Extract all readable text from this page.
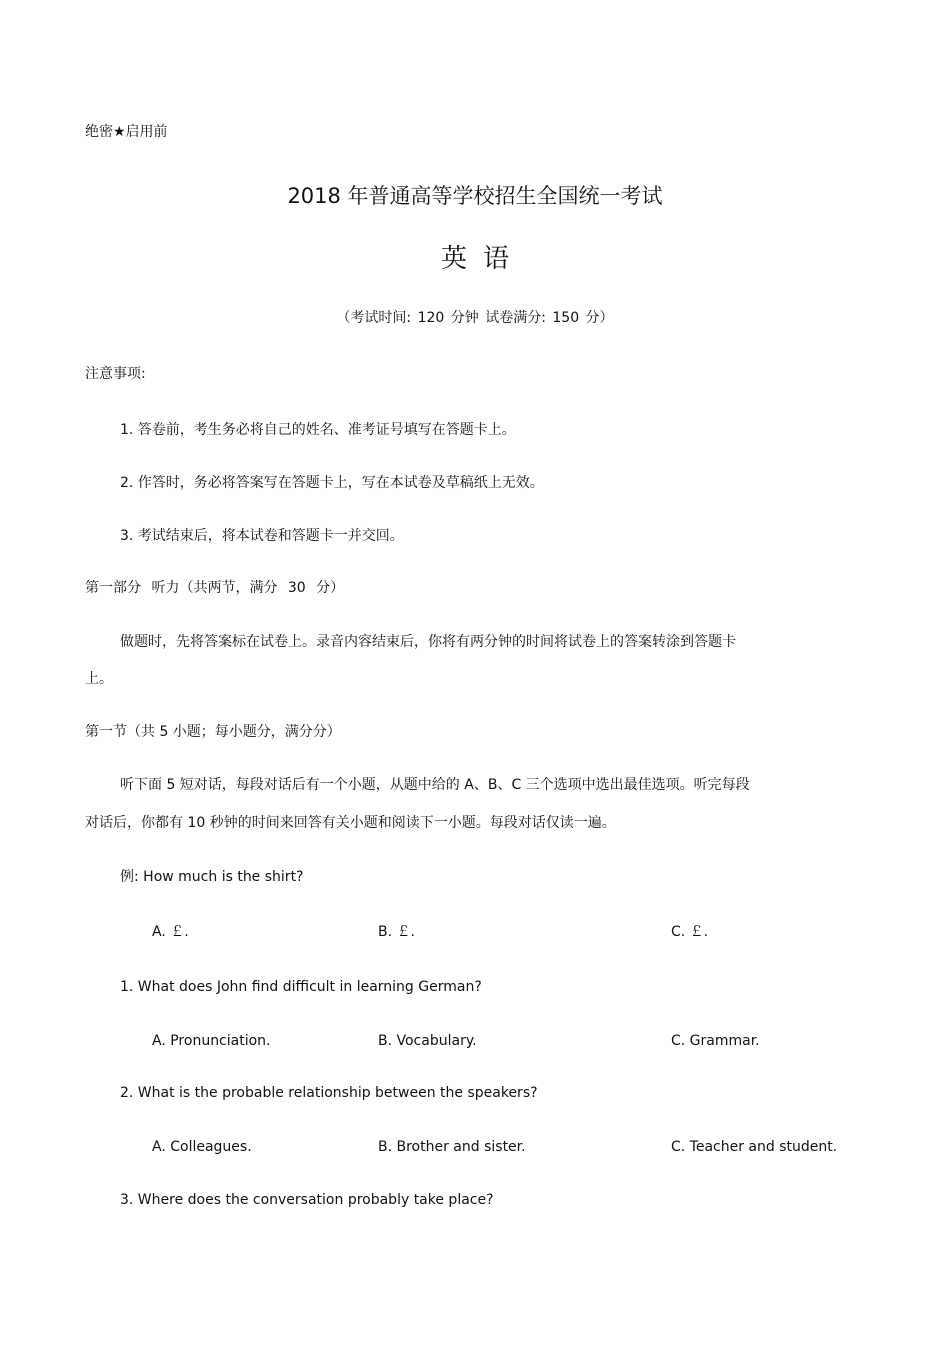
绝密★启用前
2018 年普通高等学校招生全国统一考试
英语
（考试时间: 120 分钟 试卷满分: 150 分）
注意事项:
1. 答卷前，考生务必将自己的姓名、准考证号填写在答题卡上。
2. 作答时，务必将答案写在答题卡上，写在本试卷及草稿纸上无效。
3. 考试结束后，将本试卷和答题卡一并交回。
第一部分 听力（共两节，满分 30 分）
做题时，先将答案标在试卷上。录音内容结束后，你将有两分钟的时间将试卷上的答案转涂到答题卡
上。
第一节（共 5 小题；每小题分，满分分）
听下面 5 短对话，每段对话后有一个小题，从题中给的 A、B、C 三个选项中选出最佳选项。听完每段
对话后，你都有 10 秒钟的时间来回答有关小题和阅读下一小题。每段对话仅读一遍。
例: How much is the shirt?
A. ￡.	B. ￡.	C. ￡.
1. What does John find difficult in learning German?
A. Pronunciation.	B. Vocabulary.	C. Grammar.
2. What is the probable relationship between the speakers?
A. Colleagues.	B. Brother and sister.	C. Teacher and student.
3. Where does the conversation probably take place?
